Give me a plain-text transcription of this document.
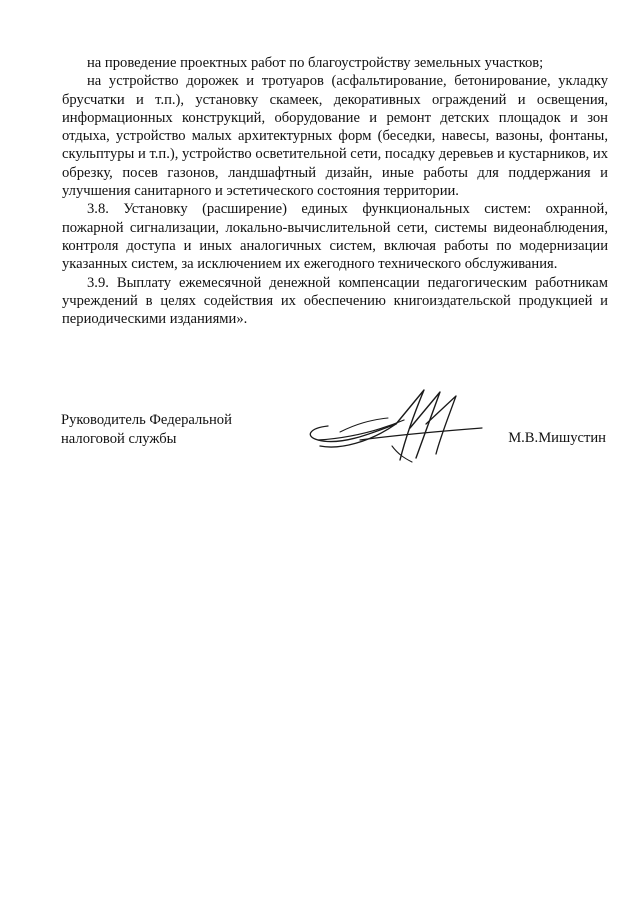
на проведение проектных работ по благоустройству земельных участков;

на устройство дорожек и тротуаров (асфальтирование, бетонирование, укладку брусчатки и т.п.), установку скамеек, декоративных ограждений и освещения, информационных конструкций, оборудование и ремонт детских площадок и зон отдыха, устройство малых архитектурных форм (беседки, навесы, вазоны, фонтаны, скульптуры и т.п.), устройство осветительной сети, посадку деревьев и кустарников, их обрезку, посев газонов, ландшафтный дизайн, иные работы для поддержания и улучшения санитарного и эстетического состояния территории.

3.8. Установку (расширение) единых функциональных систем: охранной, пожарной сигнализации, локально-вычислительной сети, системы видеонаблюдения, контроля доступа и иных аналогичных систем, включая работы по модернизации указанных систем, за исключением их ежегодного технического обслуживания.

3.9. Выплату ежемесячной денежной компенсации педагогическим работникам учреждений в целях содействия их обеспечению книгоиздательской продукцией и периодическими изданиями».

Руководитель Федеральной
налоговой службы	М.В.Мишустин
